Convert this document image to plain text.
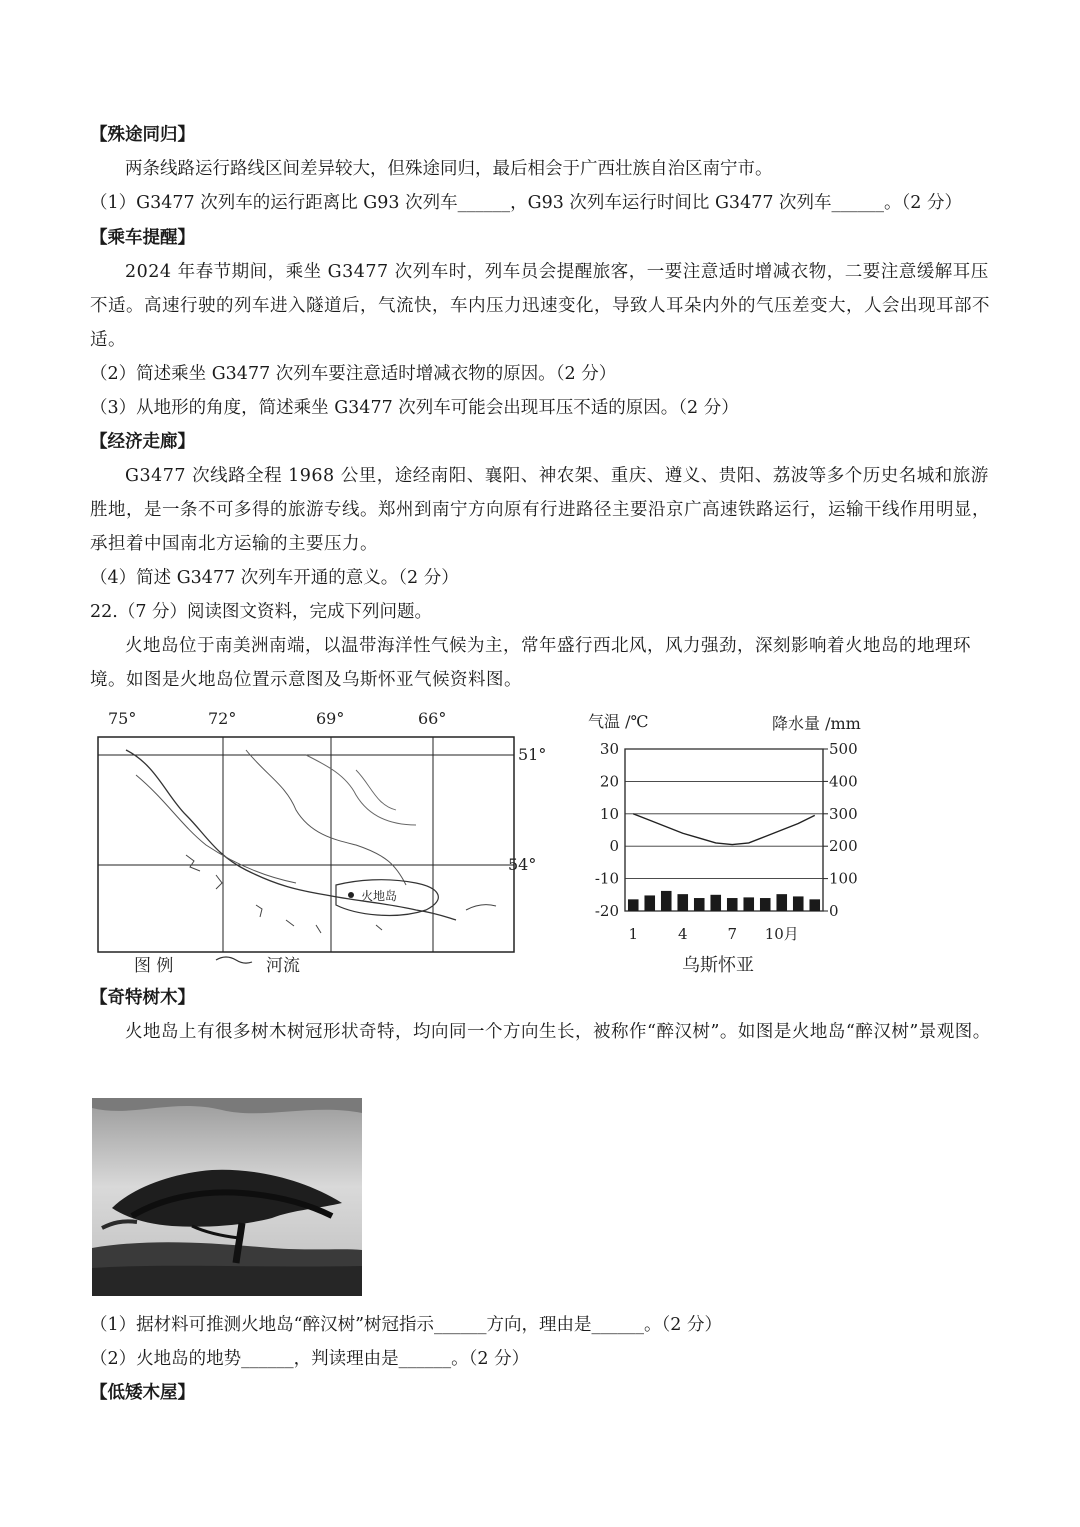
【殊途同归】
两条线路运行路线区间差异较大，但殊途同归，最后相会于广西壮族自治区南宁市。
（1）G3477 次列车的运行距离比 G93 次列车______，G93 次列车运行时间比 G3477 次列车______。（2 分）
【乘车提醒】
2024 年春节期间，乘坐 G3477 次列车时，列车员会提醒旅客，一要注意适时增减衣物，二要注意缓解耳压不适。高速行驶的列车进入隧道后，气流快，车内压力迅速变化，导致人耳朵内外的气压差变大，人会出现耳部不适。
（2）简述乘坐 G3477 次列车要注意适时增减衣物的原因。（2 分）
（3）从地形的角度，简述乘坐 G3477 次列车可能会出现耳压不适的原因。（2 分）
【经济走廊】
G3477 次线路全程 1968 公里，途经南阳、襄阳、神农架、重庆、遵义、贵阳、荔波等多个历史名城和旅游胜地，是一条不可多得的旅游专线。郑州到南宁方向原有行进路径主要沿京广高速铁路运行，运输干线作用明显，承担着中国南北方运输的主要压力。
（4）简述 G3477 次列车开通的意义。（2 分）
22.（7 分）阅读图文资料，完成下列问题。
火地岛位于南美洲南端，以温带海洋性气候为主，常年盛行西北风，风力强劲，深刻影响着火地岛的地理环境。如图是火地岛位置示意图及乌斯怀亚气候资料图。
75°	72°	69°	66°
51°
54°
火地岛
图 例	河流
气温 /℃	降水量 /mm
30
20
10
0
-10
-20
500
400
300
200
100
0
1	4	7 10月
乌斯怀亚
【奇特树木】
火地岛上有很多树木树冠形状奇特，均向同一个方向生长，被称作“醉汉树”。如图是火地岛“醉汉树”景观图。
（1）据材料可推测火地岛“醉汉树”树冠指示______方向，理由是______。（2 分）
（2）火地岛的地势______，判读理由是______。（2 分）
【低矮木屋】
